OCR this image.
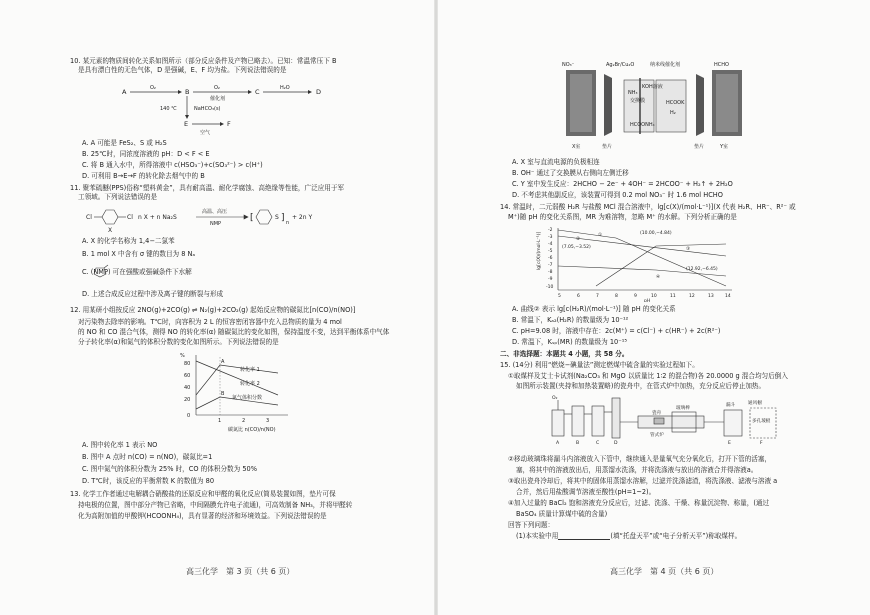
10. 某元素的物质间转化关系如图所示（部分反应条件及产物已略去）。已知：常温常压下 B
是具有漂白性的无色气体，D 是强碱，E、F 均为盐。下列说法错误的是
A	O₂	B	O₂
催化剂
C	H₂O	D
140 ℃	NaHCO₃(s)
E
空气
F
A. A 可能是 FeS₂、S 或 H₂S
B. 25℃时，同浓度溶液的 pH：D < F < E
C. 将 B 通入水中，所得溶液中 c(HSO₃⁻)+c(SO₃²⁻) > c(H⁺)
D. 可利用 B→E→F 的转化除去烟气中的 B
11. 聚苯硫醚(PPS)俗称“塑料黄金”，具有耐高温、耐化学腐蚀、高绝缘等性能，广泛应用于军
工领域。下列说法错误的是
Cl	Cl
X
n X + n Na₂S
高温、高压
NMP
[	S ] n
+ 2n Y
A. X 的化学名称为 1,4−二氯苯
B. 1 mol X 中含有 σ 键的数目为 8 Nₐ
C. (NMP) 可在强酸或强碱条件下水解
D. 上述合成反应过程中涉及离子键的断裂与形成
12. 用某研小组按反应 2NO(g)+2CO(g) ⇌ N₂(g)+2CO₂(g) 起始反应物的碳氮比[n(CO)/n(NO)]
对污染物去除率的影响。T℃时，向容积为 2 L 的恒容密闭容器中充入总物质的量为 4 mol
的 NO 和 CO 混合气体，测得 NO 的转化率(α) 随碳氮比的变化如图，保持温度不变，达到平衡体系中气体
分子转化率(α)和氮气的体积分数的变化如图所示。下列说法错误的是
%
80
60
40
20
0
1	2	3
碳氮比 n(CO)/n(NO)
A
B
转化率 1
转化率 2
氮气体积分数
A. 图中转化率 1 表示 NO
B. 图中 A 点时 n(CO) = n(NO)，碳氮比=1
C. 图中氮气的体积分数为 25% 时，CO 的体积分数为 50%
D. T℃时，该反应的平衡常数 K 的数值为 80
13. 化学工作者通过电解耦合硝酸盐的还原反应和甲醛的氧化反应(简易装置如图，垫片可保
持电极的位置，图中部分产物已省略，中间隔膜允许电子流通)，可高效制备 NH₃，并将甲醛转
化为高附加值的甲酸钾(HCOONH₄)，具有显著的经济和环境效益。下列说法错误的是
高三化学　第 3 页（共 6 页）
NO₃⁻	Ag₂Br/Cu₂O	纳米线催化剂	HCHO
NH₃
KOH溶液
交换膜	HCOOK
H₂
HCOONH₄
X室	垫片	垫片	Y室
A. X 室与直流电源的负极相连
B. OH⁻ 通过了交换膜从右侧向左侧迁移
C. Y 室中发生反应：2HCHO − 2e⁻ + 4OH⁻ = 2HCOO⁻ + H₂↑ + 2H₂O
D. 不考虑其他副反应，该装置可得到 0.2 mol NO₃⁻ 时 1.6 mol HCHO
14. 常温时，二元弱酸 H₂R 与盐酸 MCl 混合溶液中，lg[c(X)/(mol·L⁻¹)](X 代表 H₂R、HR⁻、R²⁻ 或
M⁺)随 pH 的变化关系图，MR 为难溶物，忽略 M⁺ 的水解。下列分析正确的是
lg[c(X)/(mol·L⁻¹)]
-2
-3
-4
-5
-6
-7
-8
-9
-10
5	6	7	8	9	10	11	12	13	14
pH
①
②
③
④
(10.00,−4.84)
(7.05,−3.52)
(12.92,−6.45)
A. 曲线② 表示 lg[c(H₂R)/(mol·L⁻¹)] 随 pH 的变化关系
B. 常温下，Kₐ₂(H₂R) 的数量级为 10⁻¹²
C. pH=9.08 时，溶液中存在：2c(M⁺) = c(Cl⁻) + c(HR⁻) + 2c(R²⁻)
D. 常温下，Kₛₚ(MR) 的数量级为 10⁻¹⁵
二、非选择题：本题共 4 小题，共 58 分。
15. (14分) 利用“燃烧−碘量法”测定燃煤中硫含量的实验过程如下。
①取煤样及艾士卡试剂(Na₂CO₃ 和 MgO 以质量比 1∶2 的混合物)各 20.0000 g 混合均匀后倒入
如图所示装置(夹持和加热装置略)的瓷舟中，在管式炉中加热，充分反应后停止加热。
O₂
A	B	C	D	E	F
瓷舟
玻璃棒
管式炉
漏斗	通风橱
多孔玻板
②移动玻璃珠将漏斗内溶液放入下管中，继续通入是量氧气充分氧化后，打开下管的活塞，
塞，将其中的溶液放出后，用蒸馏水洗涤，并将洗涤液与放出的溶液合并得溶液a。
③取出瓷舟冷却后，将其中的固体用蒸馏水溶解，过滤并洗涤滤渣，将洗涤液、滤液与溶液 a
合并，然后用盐酸调节溶液至酸性(pH=1~2)。
④加入过量的 BaCl₂ 饱和溶液充分反应后，过滤、洗涤、干燥、称量沉淀物、称量，(通过
BaSO₄ 质量计算煤中硫的含量)
回答下列问题：
(1)本实验中用	(填“托盘天平”或“电子分析天平”)称取煤样。
高三化学　第 4 页（共 6 页）
